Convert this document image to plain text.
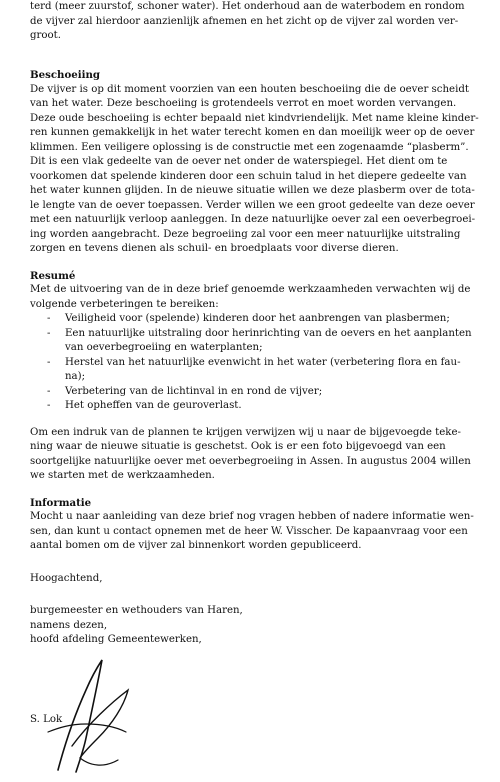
terd (meer zuurstof, schoner water). Het onderhoud aan de waterbodem en rondom
de vijver zal hierdoor aanzienlijk afnemen en het zicht op de vijver zal worden ver-
groot.
Beschoeiing
De vijver is op dit moment voorzien van een houten beschoeiing die de oever scheidt
van het water. Deze beschoeiing is grotendeels verrot en moet worden vervangen.
Deze oude beschoeiing is echter bepaald niet kindvriendelijk. Met name kleine kinder-
ren kunnen gemakkelijk in het water terecht komen en dan moeilijk weer op de oever
klimmen. Een veiligere oplossing is de constructie met een zogenaamde “plasberm”.
Dit is een vlak gedeelte van de oever net onder de waterspiegel. Het dient om te
voorkomen dat spelende kinderen door een schuin talud in het diepere gedeelte van
het water kunnen glijden. In de nieuwe situatie willen we deze plasberm over de tota-
le lengte van de oever toepassen. Verder willen we een groot gedeelte van deze oever
met een natuurlijk verloop aanleggen. In deze natuurlijke oever zal een oeverbegroei-
ing worden aangebracht. Deze begroeiing zal voor een meer natuurlijke uitstraling
zorgen en tevens dienen als schuil- en broedplaats voor diverse dieren.
Resumé
Met de uitvoering van de in deze brief genoemde werkzaamheden verwachten wij de
volgende verbeteringen te bereiken:
-	Veiligheid voor (spelende) kinderen door het aanbrengen van plasbermen;
-	Een natuurlijke uitstraling door herinrichting van de oevers en het aanplanten
van oeverbegroeiing en waterplanten;
-	Herstel van het natuurlijke evenwicht in het water (verbetering flora en fau-
na);
-	Verbetering van de lichtinval in en rond de vijver;
-	Het opheffen van de geuroverlast.
Om een indruk van de plannen te krijgen verwijzen wij u naar de bijgevoegde teke-
ning waar de nieuwe situatie is geschetst. Ook is er een foto bijgevoegd van een
soortgelijke natuurlijke oever met oeverbegroeiing in Assen. In augustus 2004 willen
we starten met de werkzaamheden.
Informatie
Mocht u naar aanleiding van deze brief nog vragen hebben of nadere informatie wen-
sen, dan kunt u contact opnemen met de heer W. Visscher. De kapaanvraag voor een
aantal bomen om de vijver zal binnenkort worden gepubliceerd.
Hoogachtend,
burgemeester en wethouders van Haren,
namens dezen,
hoofd afdeling Gemeentewerken,
S. Lok
